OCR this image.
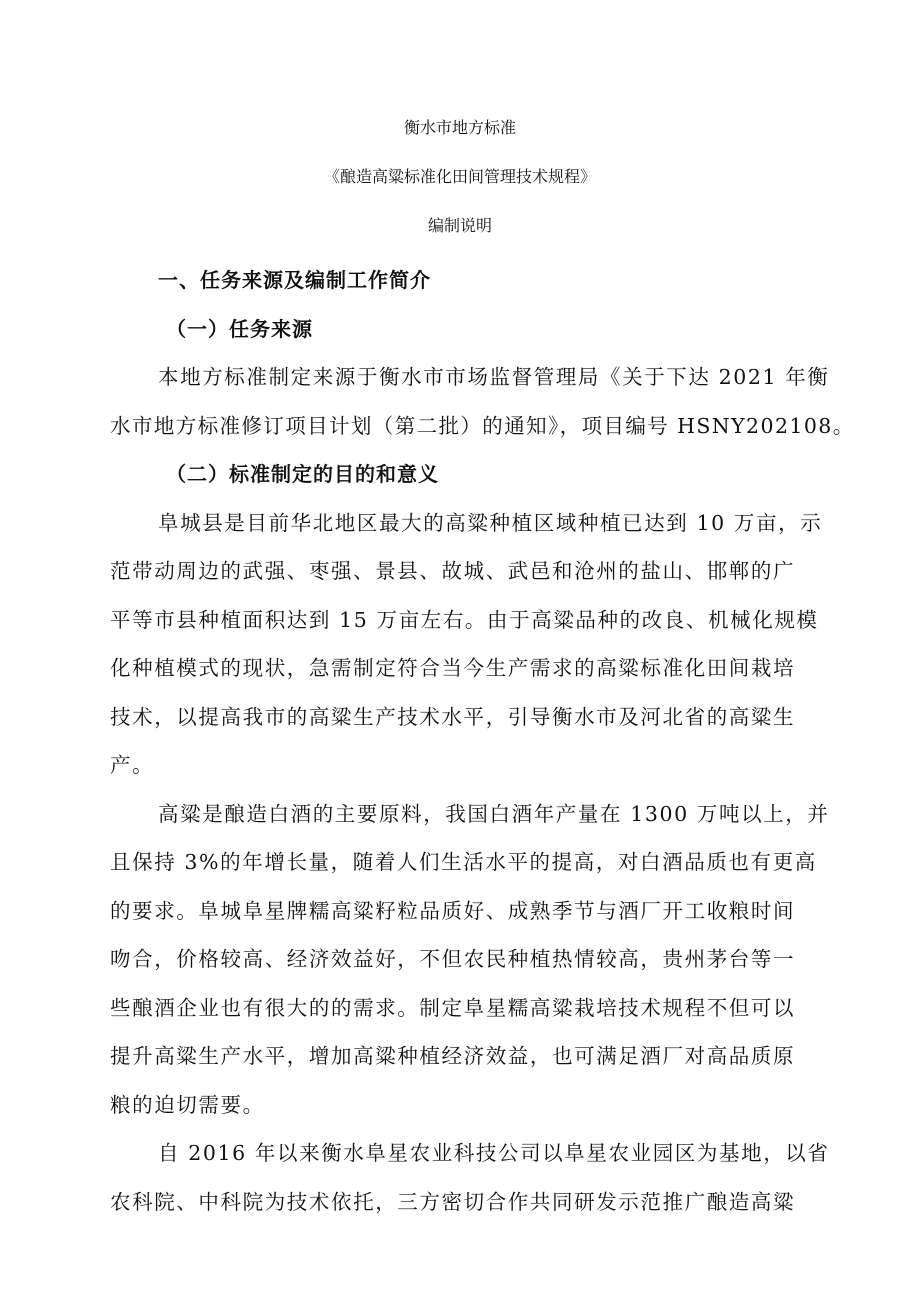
衡水市地方标准
《酿造高粱标准化田间管理技术规程》
编制说明
一、任务来源及编制工作简介
（一）任务来源
本地方标准制定来源于衡水市市场监督管理局《关于下达 2021 年衡
水市地方标准修订项目计划（第二批）的通知》，项目编号 HSNY202108。
（二）标准制定的目的和意义
阜城县是目前华北地区最大的高粱种植区域种植已达到 10 万亩，示
范带动周边的武强、枣强、景县、故城、武邑和沧州的盐山、邯郸的广
平等市县种植面积达到 15 万亩左右。由于高粱品种的改良、机械化规模
化种植模式的现状，急需制定符合当今生产需求的高粱标准化田间栽培
技术，以提高我市的高粱生产技术水平，引导衡水市及河北省的高粱生
产。
高粱是酿造白酒的主要原料，我国白酒年产量在 1300 万吨以上，并
且保持 3%的年增长量，随着人们生活水平的提高，对白酒品质也有更高
的要求。阜城阜星牌糯高粱籽粒品质好、成熟季节与酒厂开工收粮时间
吻合，价格较高、经济效益好，不但农民种植热情较高，贵州茅台等一
些酿酒企业也有很大的的需求。制定阜星糯高粱栽培技术规程不但可以
提升高粱生产水平，增加高粱种植经济效益，也可满足酒厂对高品质原
粮的迫切需要。
自 2016 年以来衡水阜星农业科技公司以阜星农业园区为基地，以省
农科院、中科院为技术依托，三方密切合作共同研发示范推广酿造高粱
